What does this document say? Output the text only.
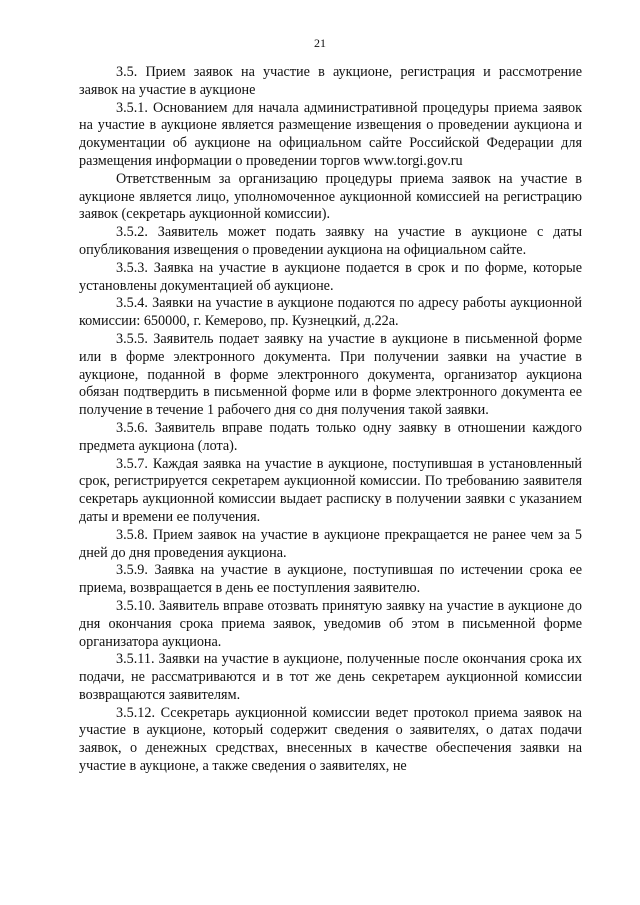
21

3.5. Прием заявок на участие в аукционе, регистрация и рассмотрение заявок на участие в аукционе

3.5.1. Основанием для начала административной процедуры приема заявок на участие в аукционе является размещение извещения о проведении аукциона и документации об аукционе на официальном сайте Российской Федерации для размещения информации о проведении торгов www.torgi.gov.ru

Ответственным за организацию процедуры приема заявок на участие в аукционе является лицо, уполномоченное аукционной комиссией на регистрацию заявок (секретарь аукционной комиссии).

3.5.2. Заявитель может подать заявку на участие в аукционе с даты опубликования извещения о проведении аукциона на официальном сайте.

3.5.3. Заявка на участие в аукционе подается в срок и по форме, которые установлены документацией об аукционе.

3.5.4. Заявки на участие в аукционе подаются по адресу работы аукционной комиссии: 650000, г. Кемерово, пр. Кузнецкий, д.22а.

3.5.5. Заявитель подает заявку на участие в аукционе в письменной форме или в форме электронного документа. При получении заявки на участие в аукционе, поданной в форме электронного документа, организатор аукциона обязан подтвердить в письменной форме или в форме электронного документа ее получение в течение 1 рабочего дня со дня получения такой заявки.

3.5.6. Заявитель вправе подать только одну заявку в отношении каждого предмета аукциона (лота).

3.5.7. Каждая заявка на участие в аукционе, поступившая в установленный срок, регистрируется секретарем аукционной комиссии. По требованию заявителя секретарь аукционной комиссии выдает расписку в получении заявки с указанием даты и времени ее получения.

3.5.8. Прием заявок на участие в аукционе прекращается не ранее чем за 5 дней до дня проведения аукциона.

3.5.9. Заявка на участие в аукционе, поступившая по истечении срока ее приема, возвращается в день ее поступления заявителю.

3.5.10. Заявитель вправе отозвать принятую заявку на участие в аукционе до дня окончания срока приема заявок, уведомив об этом в письменной форме организатора аукциона.

3.5.11. Заявки на участие в аукционе, полученные после окончания срока их подачи, не рассматриваются и в тот же день секретарем аукционной комиссии возвращаются заявителям.

3.5.12. Ссекретарь аукционной комиссии ведет протокол приема заявок на участие в аукционе, который содержит сведения о заявителях, о датах подачи заявок, о денежных средствах, внесенных в качестве обеспечения заявки на участие в аукционе, а также сведения о заявителях, не
